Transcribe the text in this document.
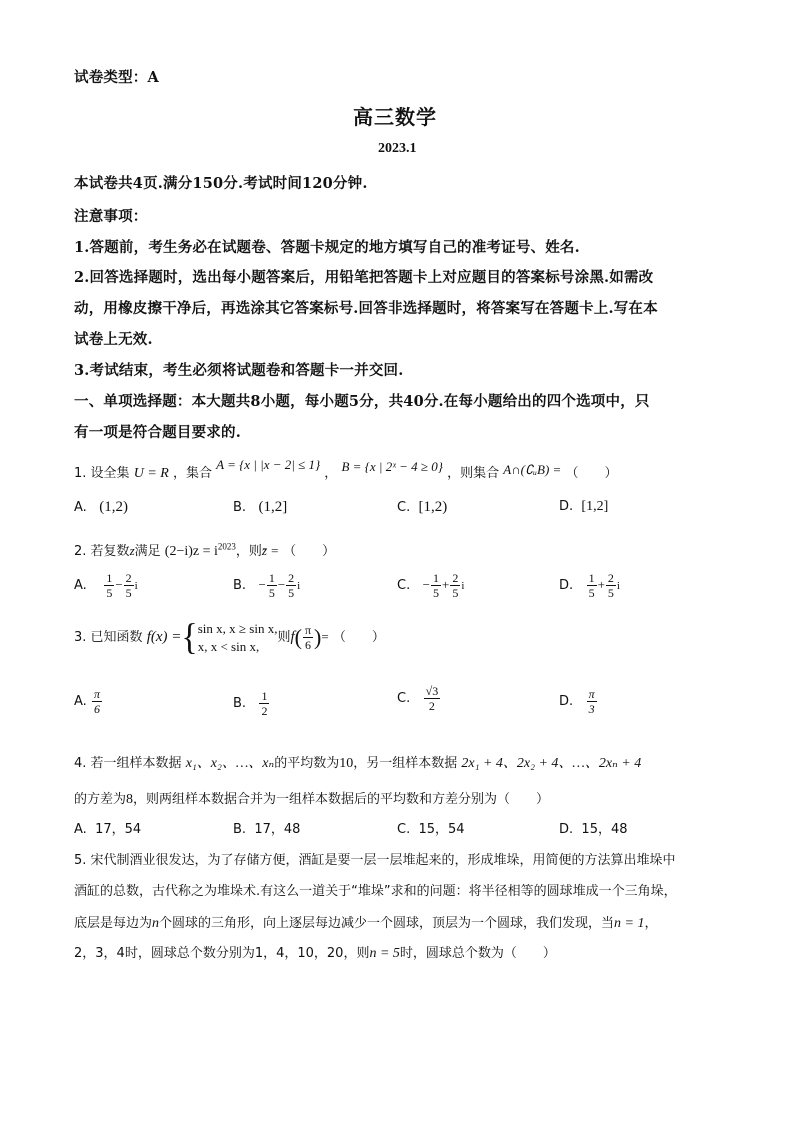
试卷类型：A
高三数学
2023.1
本试卷共4页.满分150分.考试时间120分钟.
注意事项：
1.答题前，考生务必在试题卷、答题卡规定的地方填写自己的准考证号、姓名.
2.回答选择题时，选出每小题答案后，用铅笔把答题卡上对应题目的答案标号涂黑.如需改
动，用橡皮擦干净后，再选涂其它答案标号.回答非选择题时，将答案写在答题卡上.写在本
试卷上无效.
3.考试结束，考生必须将试题卷和答题卡一并交回.
一、单项选择题：本大题共8小题，每小题5分，共40分.在每小题给出的四个选项中，只
有一项是符合题目要求的.
1. 设全集 U = R ，集合 A = {x | |x − 2| ≤ 1} ， B = {x | 2ˣ − 4 ≥ 0} ，则集合 A∩(∁ᵤB) = （　　）
A. (1,2)	B. (1,2]	C. [1,2)	D. [1,2]
2. 若复数z满足 $(2-i)z = i^{2023}$，则z̄ = （　　）
A. $\frac{1}{5} - \frac{2}{5}$ i	B. − $\frac{1}{5} - \frac{2}{5}$ i	C. − $\frac{1}{5} + \frac{2}{5}$ i	D. $\frac{1}{5} + \frac{2}{5}$ i
3. 已知函数 f(x) ={sin x, x ≥ sin x,
x, x < sin x,则$f( \frac{\pi}{6}$ )= （　　）
A. $\frac{\pi}{6}$	B. $\frac{1}{2}$	C. $\frac{√3}{2}$	D. $\frac{\pi}{3}$
4. 若一组样本数据 x₁、x₂、…、xₙ的平均数为10，另一组样本数据 2x₁ + 4、2x₂ + 4、…、2xₙ + 4
的方差为8，则两组样本数据合并为一组样本数据后的平均数和方差分别为（　　）
A. 17，54	B. 17，48	C. 15，54	D. 15，48
5. 宋代制酒业很发达，为了存储方便，酒缸是要一层一层堆起来的，形成堆垛，用简便的方法算出堆垛中
酒缸的总数，古代称之为堆垛术.有这么一道关于“堆垛”求和的问题：将半径相等的圆球堆成一个三角垛，
底层是每边为n个圆球的三角形，向上逐层每边减少一个圆球，顶层为一个圆球，我们发现，当n = 1，
2，3，4时，圆球总个数分别为1，4，10，20，则n = 5时，圆球总个数为（　　）
